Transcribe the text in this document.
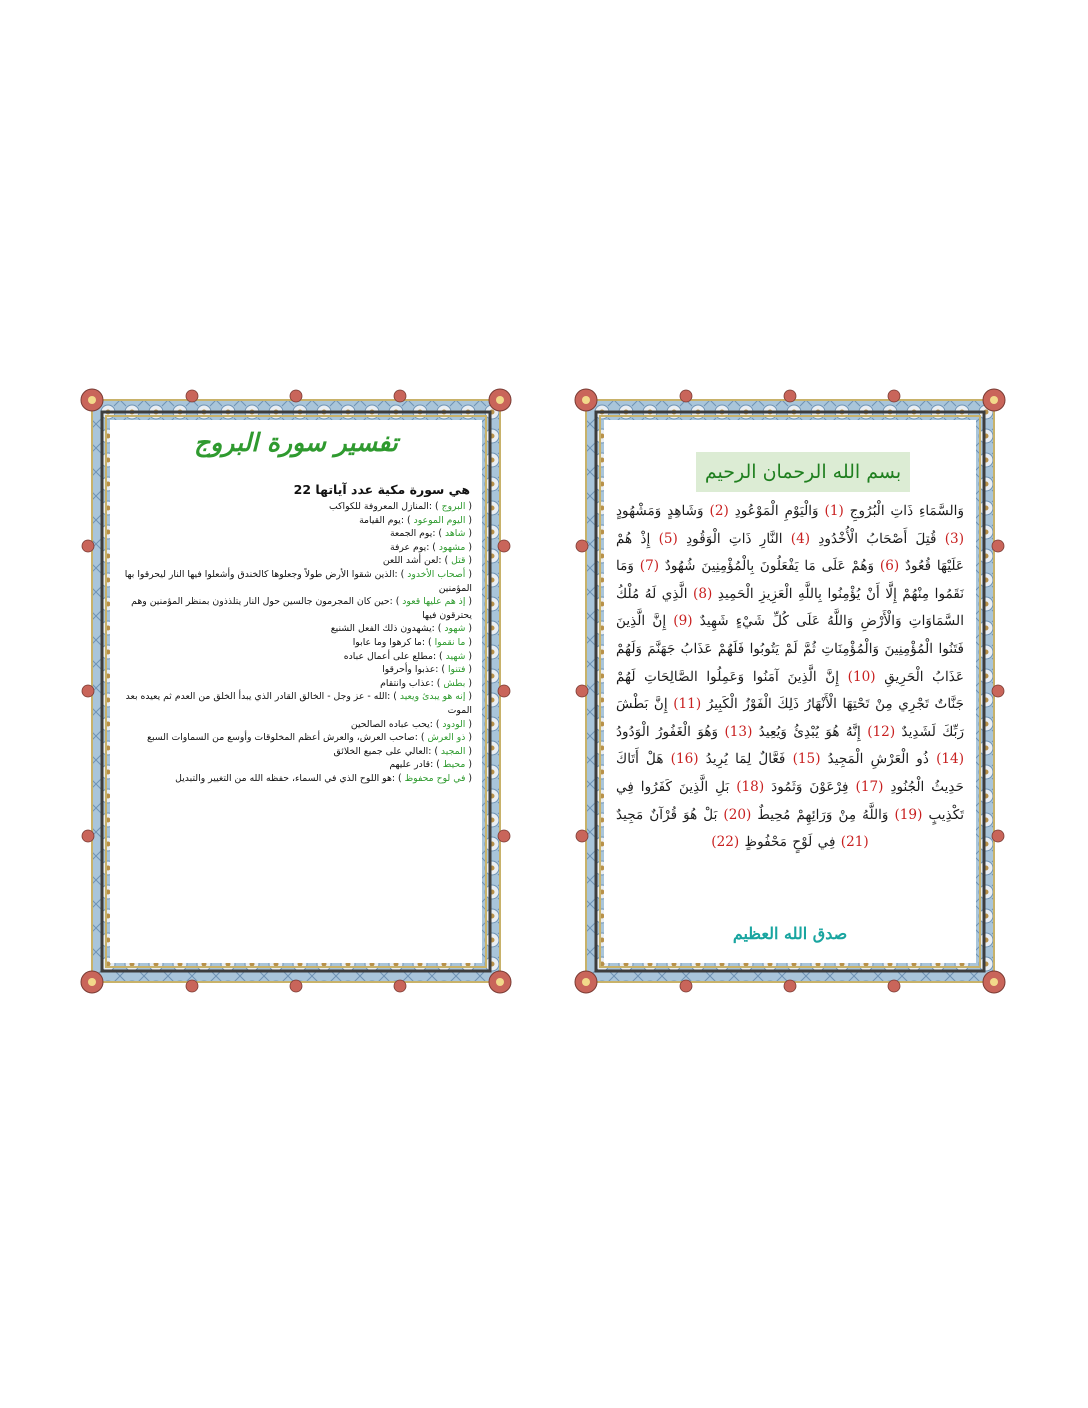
تفسير سورة البروج
هي سورة مكية عدد آياتها 22
( البروج ) :المنازل المعروفة للكواكب
( اليوم الموعود ) :يوم القيامة
( شاهد ) :يوم الجمعة
( مشهود ) :يوم عرفة
( قتل ) :لعن أشد اللعن
( أصحاب الأخدود ) :الذين شقوا الأرض طولاً وجعلوها كالخندق وأشعلوا فيها النار ليحرقوا بها المؤمنين
( إذ هم عليها قعود ) :حين كان المجرمون جالسين حول النار يتلذذون بمنظر المؤمنين وهم يحترقون فيها
( شهود ) :يشهدون ذلك الفعل الشنيع
( ما نقموا ) :ما كرهوا وما عابوا
( شهيد ) :مطلع على أعمال عباده
( فتنوا ) :عذبوا وأحرقوا
( بطش ) :عذاب وانتقام
( إنه هو يبدئ ويعيد ) :الله - عز وجل - الخالق القادر الذي يبدأ الخلق من العدم ثم يعيده بعد الموت
( الودود ) :يحب عباده الصالحين
( ذو العرش ) :صاحب العرش، والعرش أعظم المخلوقات وأوسع من السماوات السبع
( المجيد ) :العالي على جميع الخلائق
( محيط ) :قادر عليهم
( في لوح محفوظ ) :هو اللوح الذي في السماء، حفظه الله من التغيير والتبديل
بسم الله الرحمان الرحيم
وَالسَّمَاءِ ذَاتِ الْبُرُوجِ (1) وَالْيَوْمِ الْمَوْعُودِ (2) وَشَاهِدٍ وَمَشْهُودٍ (3) قُتِلَ أَصْحَابُ الْأُخْدُودِ (4) النَّارِ ذَاتِ الْوَقُودِ (5) إِذْ هُمْ عَلَيْهَا قُعُودٌ (6) وَهُمْ عَلَى مَا يَفْعَلُونَ بِالْمُؤْمِنِينَ شُهُودٌ (7) وَمَا نَقَمُوا مِنْهُمْ إِلَّا أَنْ يُؤْمِنُوا بِاللَّهِ الْعَزِيزِ الْحَمِيدِ (8) الَّذِي لَهُ مُلْكُ السَّمَاوَاتِ وَالْأَرْضِ وَاللَّهُ عَلَى كُلِّ شَيْءٍ شَهِيدٌ (9) إِنَّ الَّذِينَ فَتَنُوا الْمُؤْمِنِينَ وَالْمُؤْمِنَاتِ ثُمَّ لَمْ يَتُوبُوا فَلَهُمْ عَذَابُ جَهَنَّمَ وَلَهُمْ عَذَابُ الْحَرِيقِ (10) إِنَّ الَّذِينَ آمَنُوا وَعَمِلُوا الصَّالِحَاتِ لَهُمْ جَنَّاتٌ تَجْرِي مِنْ تَحْتِهَا الْأَنْهَارُ ذَلِكَ الْفَوْزُ الْكَبِيرُ (11) إِنَّ بَطْشَ رَبِّكَ لَشَدِيدٌ (12) إِنَّهُ هُوَ يُبْدِئُ وَيُعِيدُ (13) وَهُوَ الْغَفُورُ الْوَدُودُ (14) ذُو الْعَرْشِ الْمَجِيدُ (15) فَعَّالٌ لِمَا يُرِيدُ (16) هَلْ أَتَاكَ حَدِيثُ الْجُنُودِ (17) فِرْعَوْنَ وَثَمُودَ (18) بَلِ الَّذِينَ كَفَرُوا فِي تَكْذِيبٍ (19) وَاللَّهُ مِنْ وَرَائِهِمْ مُحِيطٌ (20) بَلْ هُوَ قُرْآنٌ مَجِيدٌ (21) فِي لَوْحٍ مَحْفُوظٍ (22)
صدق الله العظيم
